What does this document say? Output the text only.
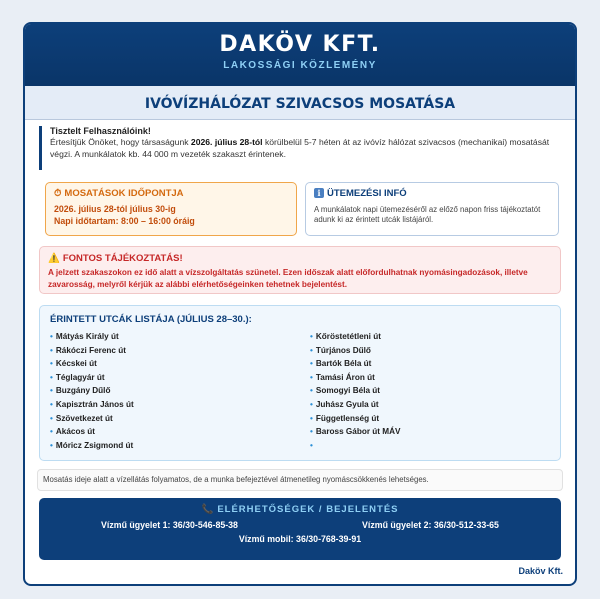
DAKÖV KFT.
LAKOSSÁGI KÖZLEMÉNY
IVÓVÍZHÁLÓZAT SZIVACSOS MOSATÁSA
Tisztelt Felhasználóink!
Értesítjük Önöket, hogy társaságunk 2026. július 28-tól körülbelül 5-7 héten át az ivóvíz hálózat szivacsos (mechanikai) mosatását végzi. A munkálatok kb. 44 000 m vezeték szakaszt érintenek.
⏱ MOSATÁSOK IDŐPONTJA
2026. július 28-tól július 30-ig
Napi időtartam: 8:00 – 16:00 óráig
i ÜTEMEZÉSI INFÓ
A munkálatok napi ütemezéséről az előző napon friss tájékoztatót adunk ki az érintett utcák listájáról.
⚠️ FONTOS TÁJÉKOZTATÁS!
A jelzett szakaszokon ez idő alatt a vízszolgáltatás szünetel. Ezen időszak alatt előfordulhatnak nyomásingadozások, illetve zavarosság, melyről kérjük az alábbi elérhetőségeinken tehetnek bejelentést.
ÉRINTETT UTCÁK LISTÁJA (JÚLIUS 28–30.):
• Mátyás Király út
• Rákóczi Ferenc út
• Kécskei út
• Téglagyár út
• Buzgány Dűlő
• Kapisztrán János út
• Szövetkezet út
• Akácos út
• Móricz Zsigmond út
• Kőröstetétleni út
• Túrjános Dűlő
• Bartók Béla út
• Tamási Áron út
• Somogyi Béla út
• Juhász Gyula út
• Függetlenség út
• Baross Gábor út MÁV
•
Mosatás ideje alatt a vízellátás folyamatos, de a munka befejeztével átmenetileg nyomáscsökkenés lehetséges.
📞 ELÉRHETŐSÉGEK / BEJELENTÉS
Vízmű ügyelet 1: 36/30-546-85-38	Vízmű ügyelet 2: 36/30-512-33-65
Vízmű mobil: 36/30-768-39-91
Daköv Kft.
